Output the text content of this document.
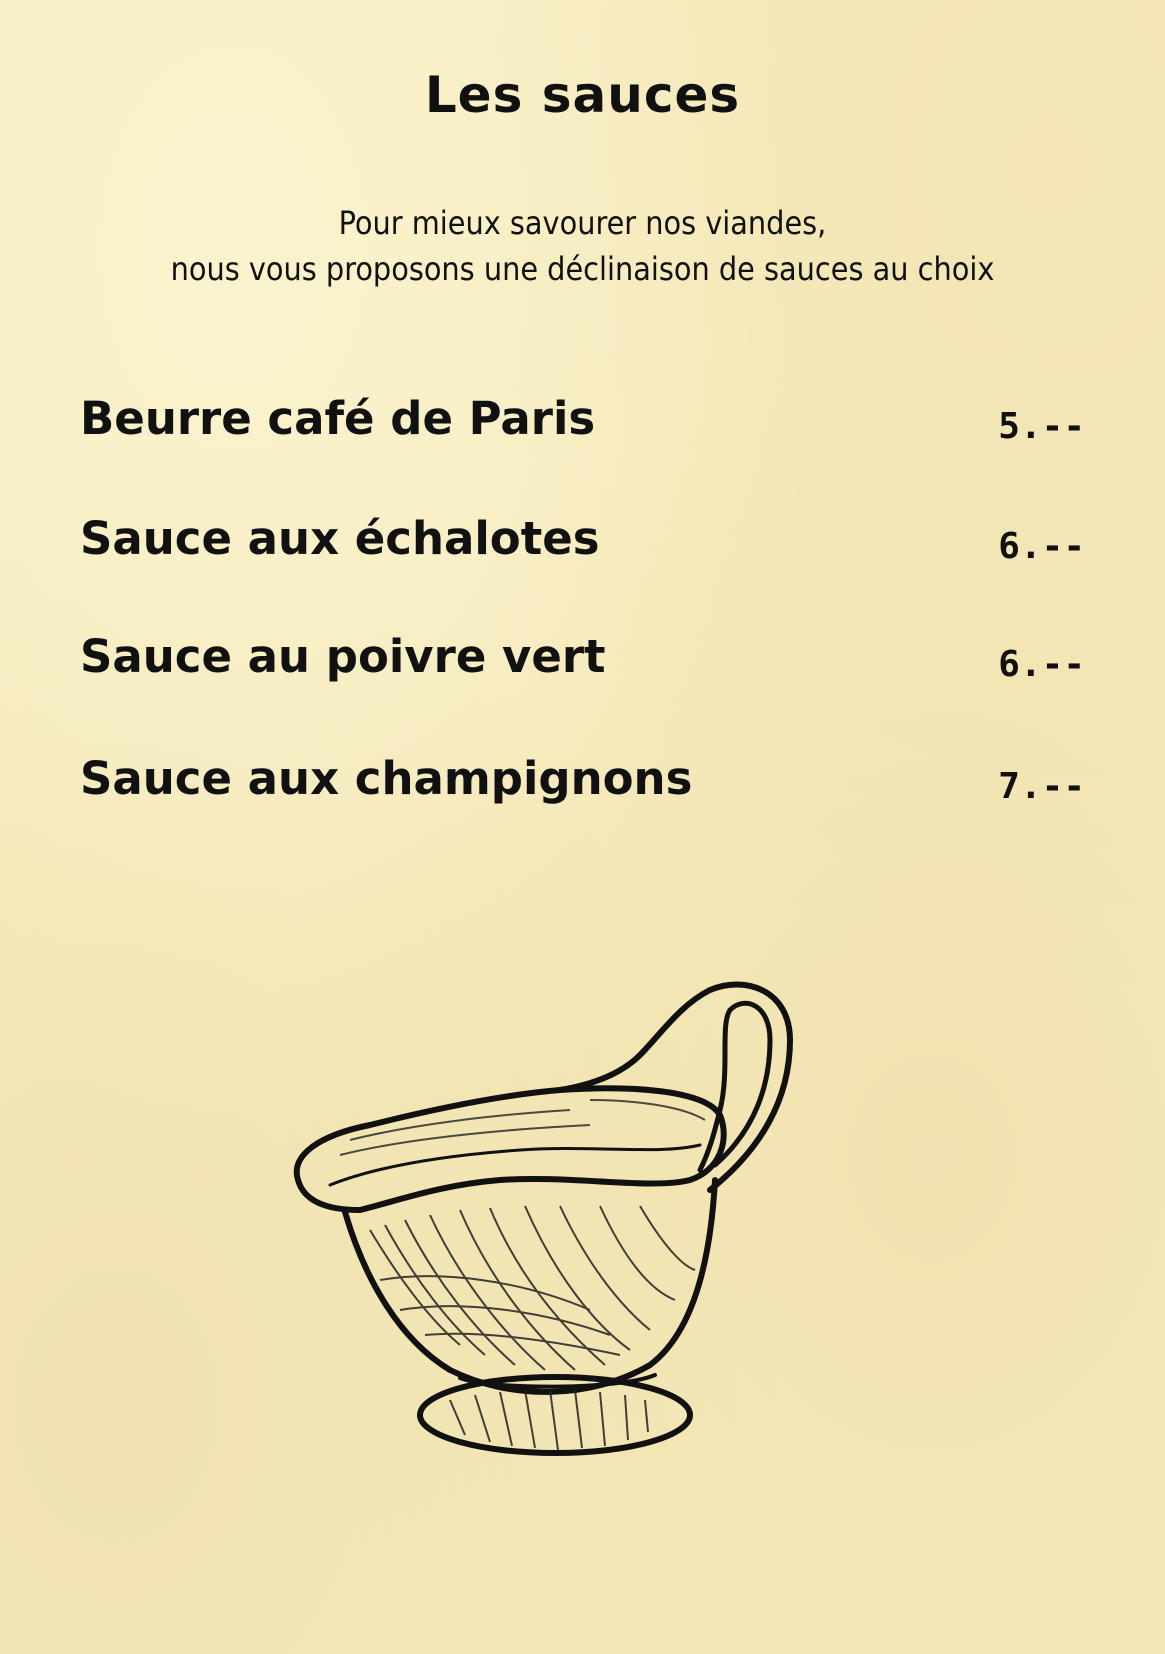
Les sauces
Pour mieux savourer nos viandes,
nous vous proposons une déclinaison de sauces au choix
Beurre café de Paris	5.--
Sauce aux échalotes	6.--
Sauce au poivre vert	6.--
Sauce aux champignons	7.--
